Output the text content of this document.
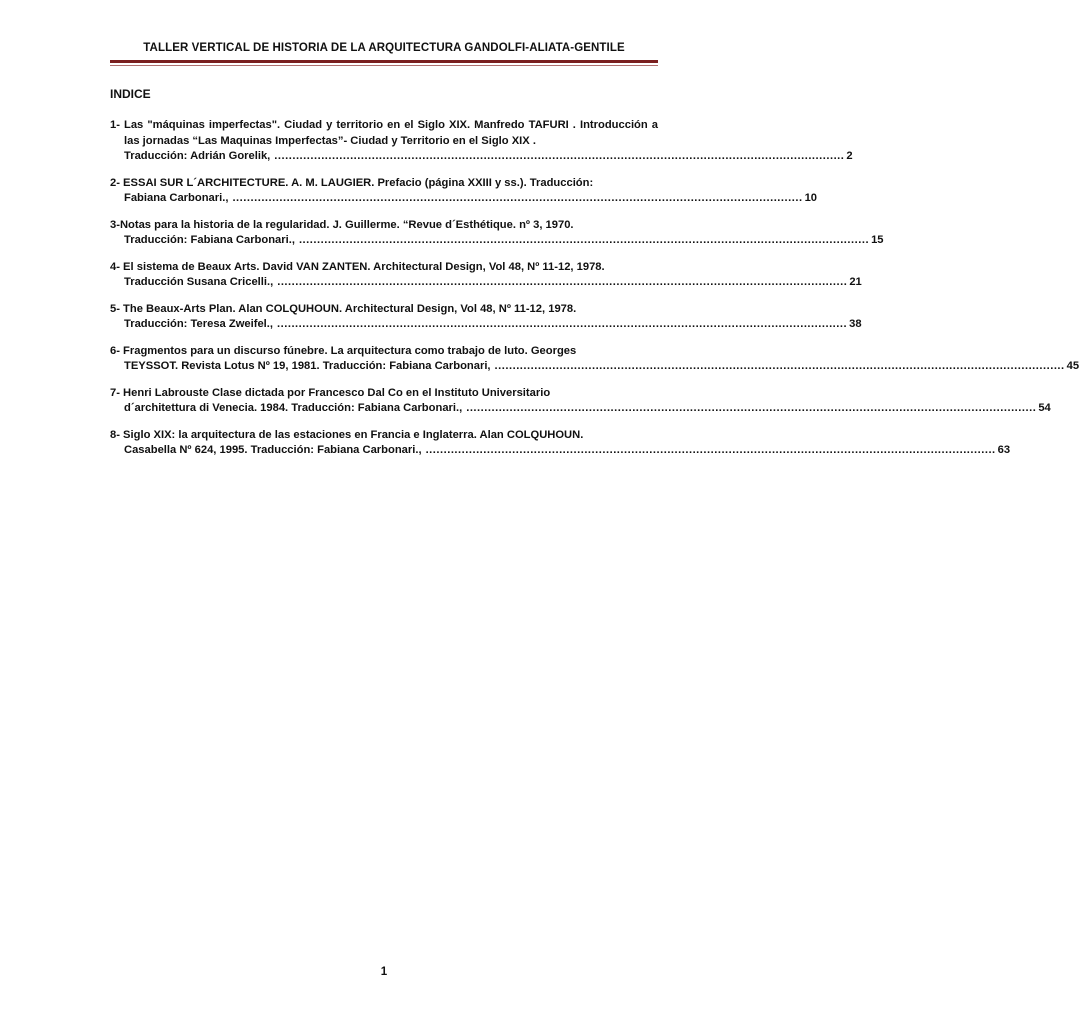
TALLER VERTICAL DE HISTORIA DE LA ARQUITECTURA GANDOLFI-ALIATA-GENTILE
INDICE
1- Las "máquinas imperfectas". Ciudad y territorio en el Siglo XIX. Manfredo TAFURI . Introducción a las jornadas “Las Maquinas Imperfectas”- Ciudad y Territorio en el Siglo XIX .
Traducción: Adrián Gorelik, .............................................................................................................................................................. 2
2- ESSAI SUR L´ARCHITECTURE. A. M. LAUGIER. Prefacio (página XXIII y ss.). Traducción:
Fabiana Carbonari., .............................................................................................................................................................. 10
3-Notas para la historia de la regularidad. J. Guillerme. “Revue d´Esthétique. nº 3, 1970.
Traducción: Fabiana Carbonari., .............................................................................................................................................................. 15
4- El sistema de Beaux Arts. David VAN ZANTEN. Architectural Design, Vol 48, Nº 11-12, 1978.
Traducción Susana Cricelli., .............................................................................................................................................................. 21
5- The Beaux-Arts Plan. Alan COLQUHOUN. Architectural Design, Vol 48, Nº 11-12, 1978.
Traducción: Teresa Zweifel., .............................................................................................................................................................. 38
6- Fragmentos para un discurso fúnebre. La arquitectura como trabajo de luto. Georges
TEYSSOT. Revista Lotus Nº 19, 1981. Traducción: Fabiana Carbonari, .............................................................................................................................................................. 45
7- Henri Labrouste Clase dictada por Francesco Dal Co en el Instituto Universitario
d´architettura di Venecia. 1984. Traducción: Fabiana Carbonari., .............................................................................................................................................................. 54
8- Siglo XIX: la arquitectura de las estaciones en Francia e Inglaterra. Alan COLQUHOUN.
Casabella Nº 624, 1995. Traducción: Fabiana Carbonari., .............................................................................................................................................................. 63
1
